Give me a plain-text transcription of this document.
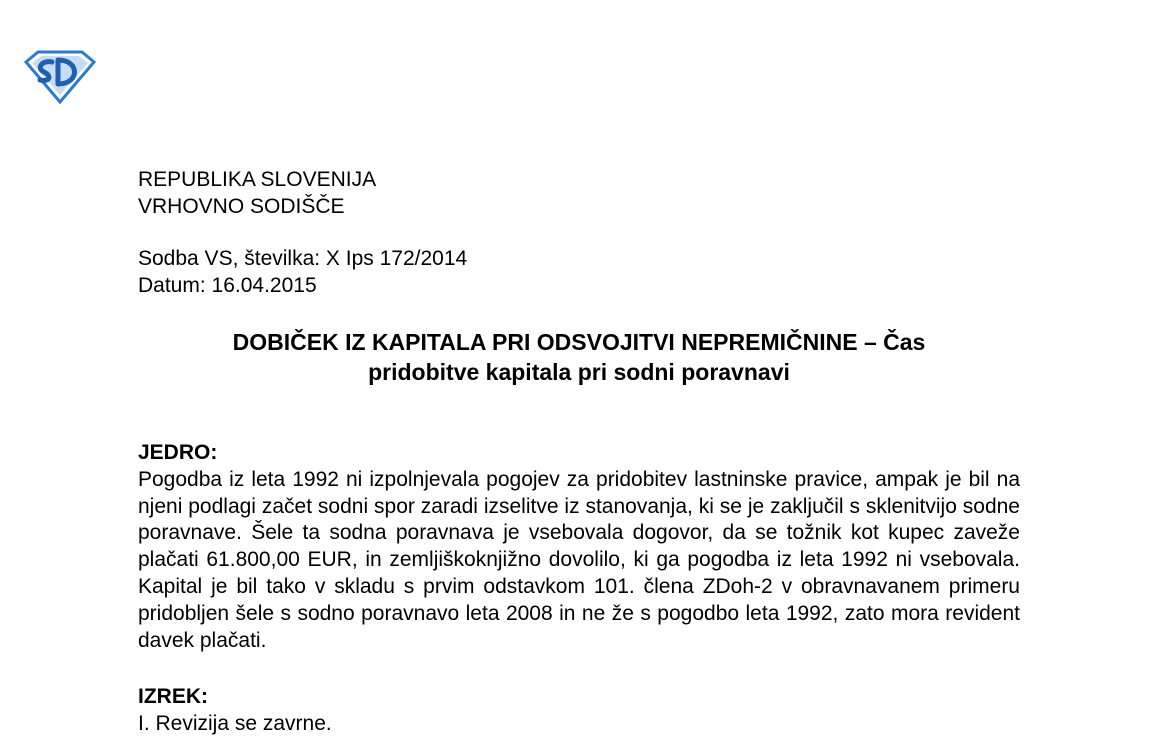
REPUBLIKA SLOVENIJA
VRHOVNO SODIŠČE
Sodba VS, številka: X Ips 172/2014
Datum: 16.04.2015
DOBIČEK IZ KAPITALA PRI ODSVOJITVI NEPREMIČNINE – Čas
pridobitve kapitala pri sodni poravnavi
JEDRO:

Pogodba iz leta 1992 ni izpolnjevala pogojev za pridobitev lastninske pravice, ampak je bil na njeni podlagi začet sodni spor zaradi izselitve iz stanovanja, ki se je zaključil s sklenitvijo sodne poravnave. Šele ta sodna poravnava je vsebovala dogovor, da se tožnik kot kupec zaveže plačati 61.800,00 EUR, in zemljiškoknjižno dovolilo, ki ga pogodba iz leta 1992 ni vsebovala. Kapital je bil tako v skladu s prvim odstavkom 101. člena ZDoh-2 v obravnavanem primeru pridobljen šele s sodno poravnavo leta 2008 in ne že s pogodbo leta 1992, zato mora revident davek plačati.

IZREK:
I. Revizija se zavrne.
